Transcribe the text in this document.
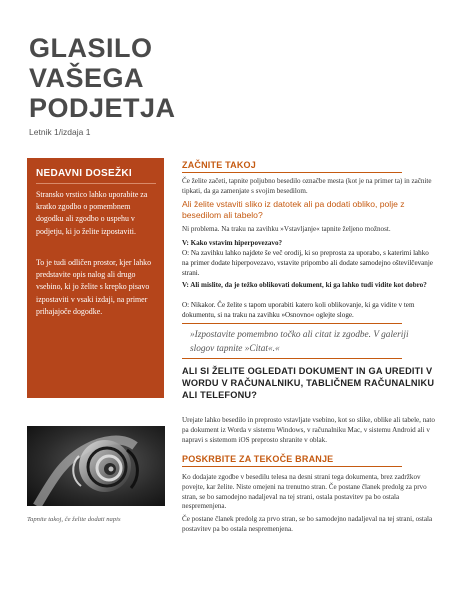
GLASILO
VAŠEGA
PODJETJA
Letnik 1/izdaja 1
NEDAVNI DOSEŽKI
Stransko vrstico lahko uporabite za kratko zgodbo o pomembnem dogodku ali zgodbo o uspehu v podjetju, ki jo želite izpostaviti.
To je tudi odličen prostor, kjer lahko predstavite opis nalog ali drugo vsebino, ki jo želite s krepko pisavo izpostaviti v vsaki izdaji, na primer prihajajoče dogodke.
Tapnite takoj, če želite dodati napis
ZAČNITE TAKOJ
Če želite začeti, tapnite poljubno besedilo označbe mesta (kot je na primer ta) in začnite tipkati, da ga zamenjate s svojim besedilom.
Ali želite vstaviti sliko iz datotek ali pa dodati obliko, polje z besedilom ali tabelo?
Ni problema. Na traku na zavihku »Vstavljanje« tapnite željeno možnost.
V: Kako vstavim hiperpovezavo?
O: Na zavihku lahko najdete še več orodij, ki so preprosta za uporabo, s katerimi lahko na primer dodate hiperpovezavo, vstavite pripombo ali dodate samodejno oštevilčevanje strani.
V: Ali mislite, da je težko oblikovati dokument, ki ga lahko tudi vidite kot dobro?
O: Nikakor. Če želite s tapom uporabiti katero koli oblikovanje, ki ga vidite v tem dokumentu, si na traku na zavihku »Osnovno« oglejte sloge.
»Izpostavite pomembno točko ali citat iz zgodbe. V galeriji slogov tapnite »Citat«.«
ALI SI ŽELITE OGLEDATI DOKUMENT IN GA UREDITI V WORDU V RAČUNALNIKU, TABLIČNEM RAČUNALNIKU ALI TELEFONU?
Urejate lahko besedilo in preprosto vstavljate vsebino, kot so slike, oblike ali tabele, nato pa dokument iz Worda v sistemu Windows, v računalniku Mac, v sistemu Android ali v napravi s sistemom iOS preprosto shranite v oblak.
POSKRBITE ZA TEKOČE BRANJE
Ko dodajate zgodbe v besedilu telesa na desni strani tega dokumenta, brez zadržkov povejte, kar želite. Niste omejeni na trenutno stran. Če postane članek predolg za prvo stran, se bo samodejno nadaljeval na tej strani, ostala postavitev pa bo ostala nespremenjena.
Če postane članek predolg za prvo stran, se bo samodejno nadaljeval na tej strani, ostala postavitev pa bo ostala nespremenjena.
